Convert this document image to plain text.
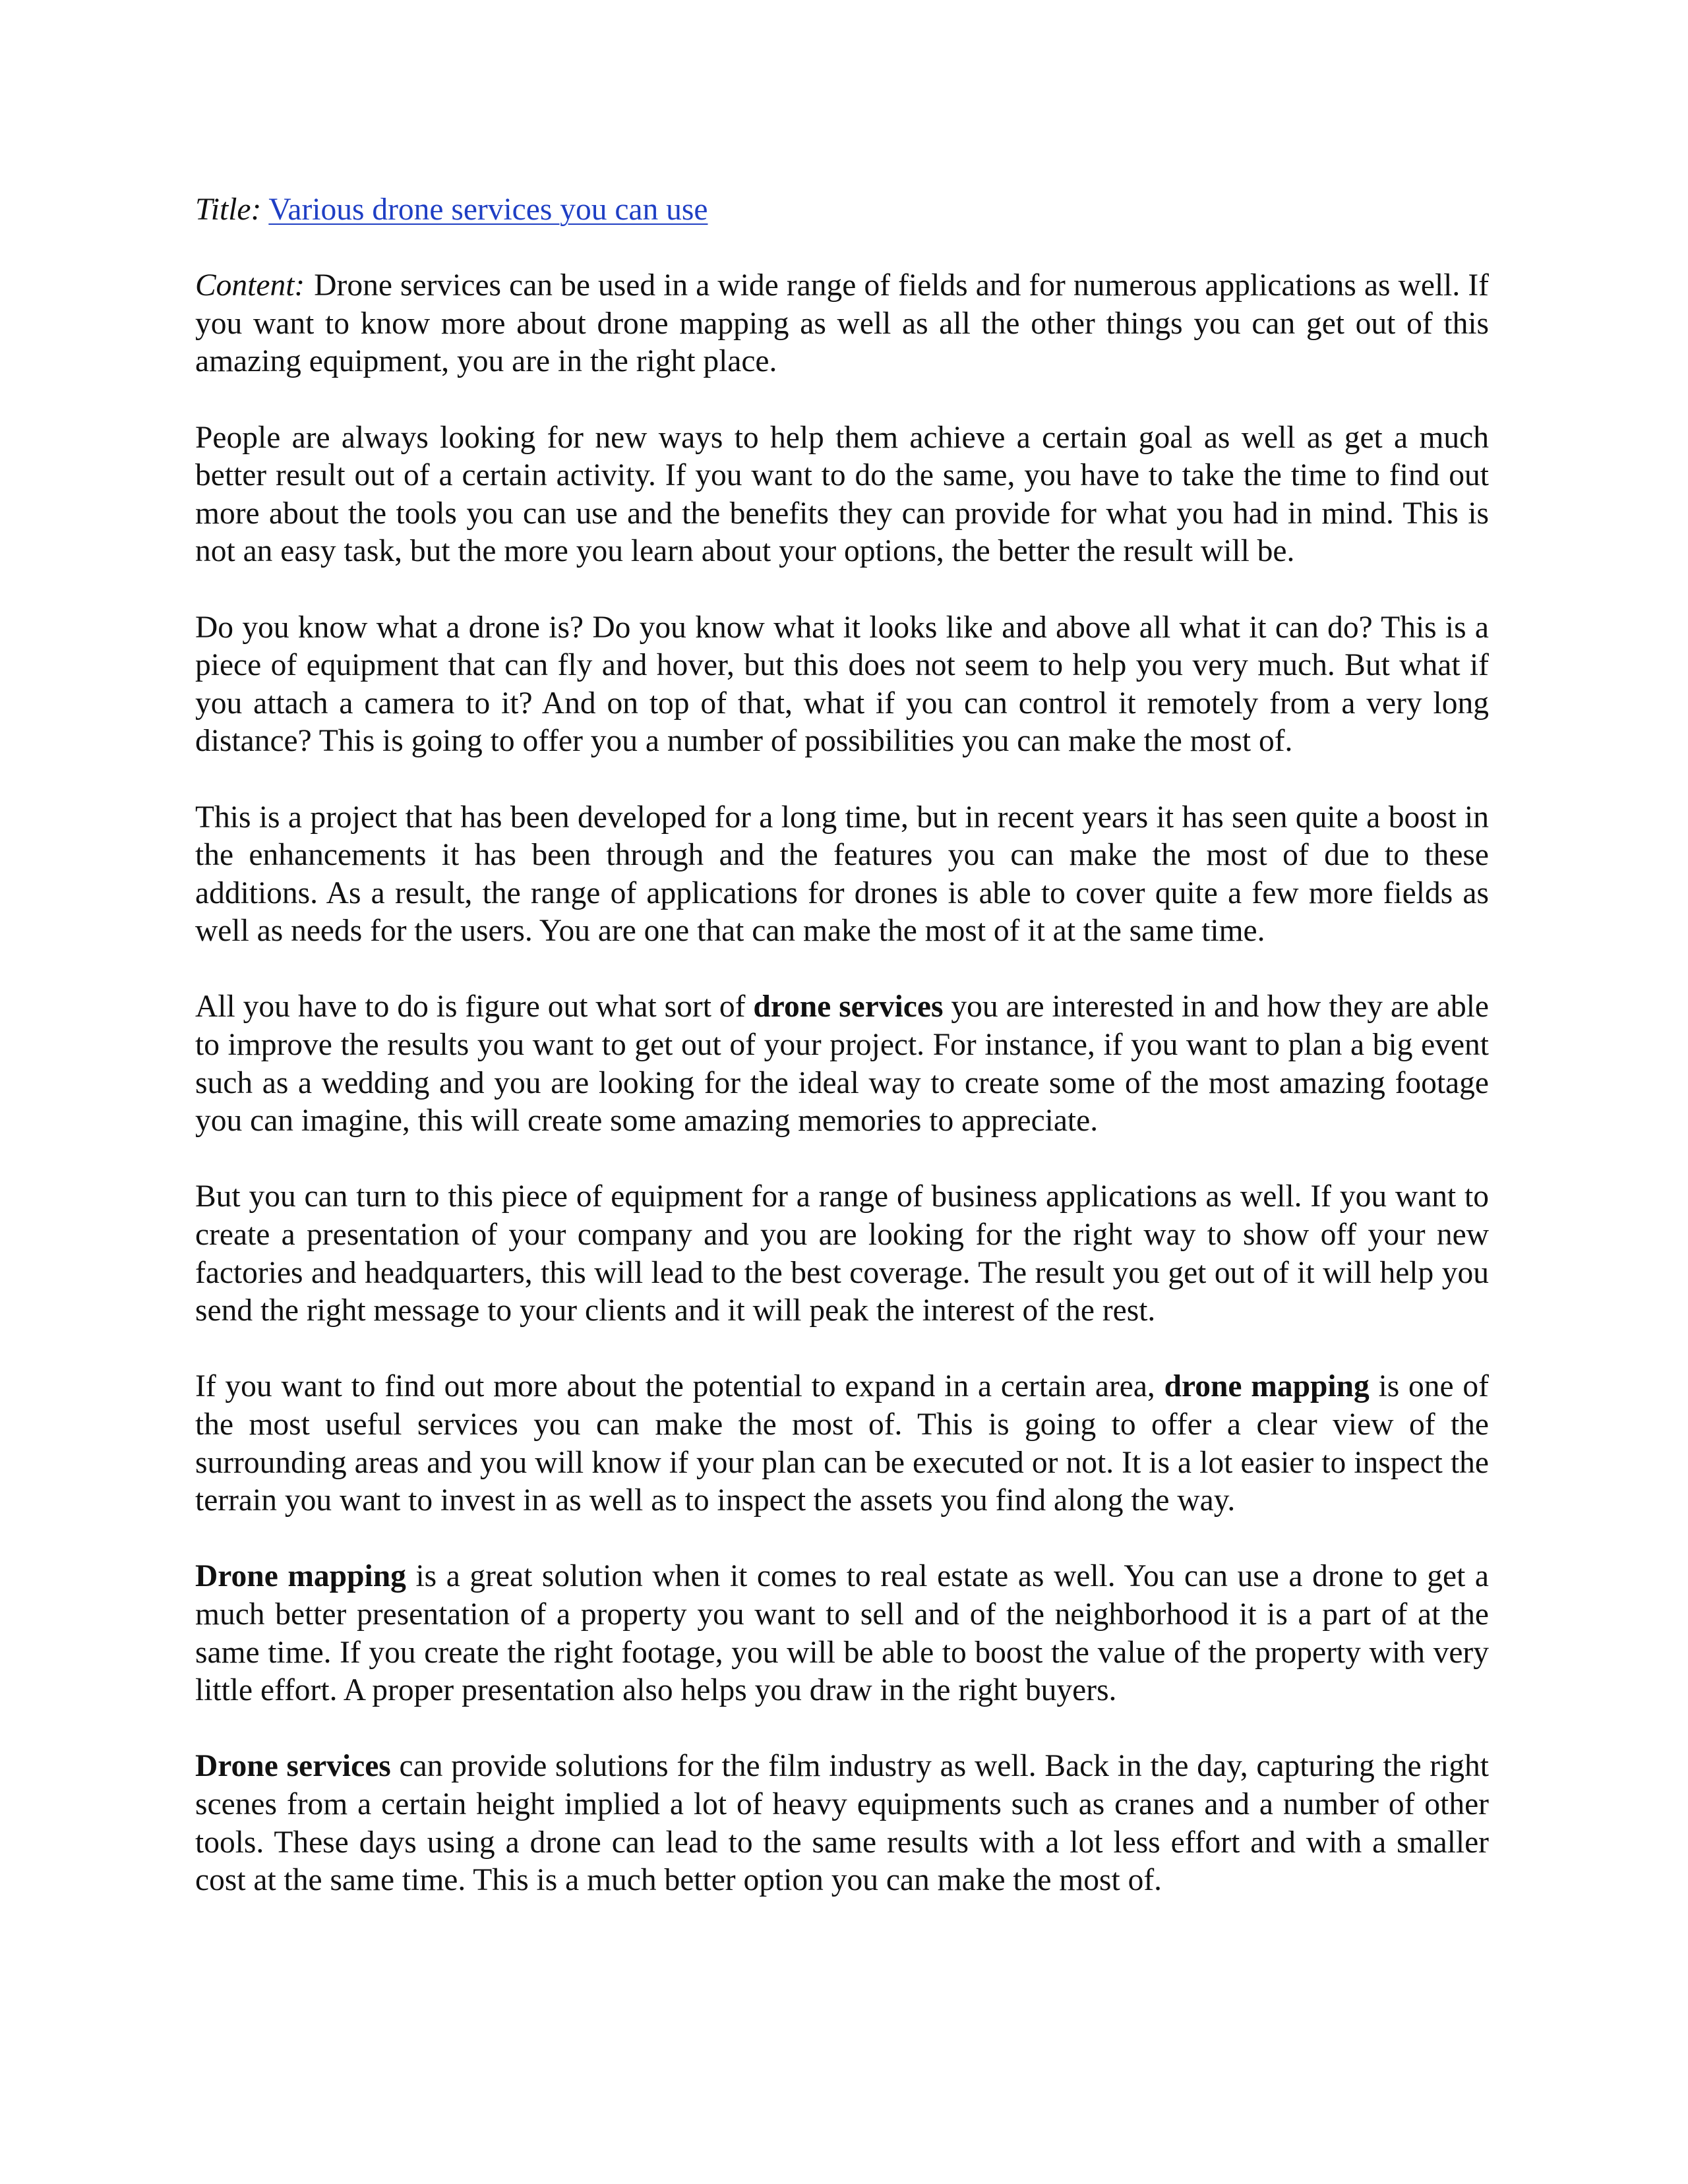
Title: Various drone services you can use

Content: Drone services can be used in a wide range of fields and for numerous applications as well. If you want to know more about drone mapping as well as all the other things you can get out of this amazing equipment, you are in the right place.

People are always looking for new ways to help them achieve a certain goal as well as get a much better result out of a certain activity. If you want to do the same, you have to take the time to find out more about the tools you can use and the benefits they can provide for what you had in mind. This is not an easy task, but the more you learn about your options, the better the result will be.

Do you know what a drone is? Do you know what it looks like and above all what it can do? This is a piece of equipment that can fly and hover, but this does not seem to help you very much. But what if you attach a camera to it? And on top of that, what if you can control it remotely from a very long distance? This is going to offer you a number of possibilities you can make the most of.

This is a project that has been developed for a long time, but in recent years it has seen quite a boost in the enhancements it has been through and the features you can make the most of due to these additions. As a result, the range of applications for drones is able to cover quite a few more fields as well as needs for the users. You are one that can make the most of it at the same time.

All you have to do is figure out what sort of drone services you are interested in and how they are able to improve the results you want to get out of your project. For instance, if you want to plan a big event such as a wedding and you are looking for the ideal way to create some of the most amazing footage you can imagine, this will create some amazing memories to appreciate.

But you can turn to this piece of equipment for a range of business applications as well. If you want to create a presentation of your company and you are looking for the right way to show off your new factories and headquarters, this will lead to the best coverage. The result you get out of it will help you send the right message to your clients and it will peak the interest of the rest.

If you want to find out more about the potential to expand in a certain area, drone mapping is one of the most useful services you can make the most of. This is going to offer a clear view of the surrounding areas and you will know if your plan can be executed or not. It is a lot easier to inspect the terrain you want to invest in as well as to inspect the assets you find along the way.

Drone mapping is a great solution when it comes to real estate as well. You can use a drone to get a much better presentation of a property you want to sell and of the neighborhood it is a part of at the same time. If you create the right footage, you will be able to boost the value of the property with very little effort. A proper presentation also helps you draw in the right buyers.

Drone services can provide solutions for the film industry as well. Back in the day, capturing the right scenes from a certain height implied a lot of heavy equipments such as cranes and a number of other tools. These days using a drone can lead to the same results with a lot less effort and with a smaller cost at the same time. This is a much better option you can make the most of.
